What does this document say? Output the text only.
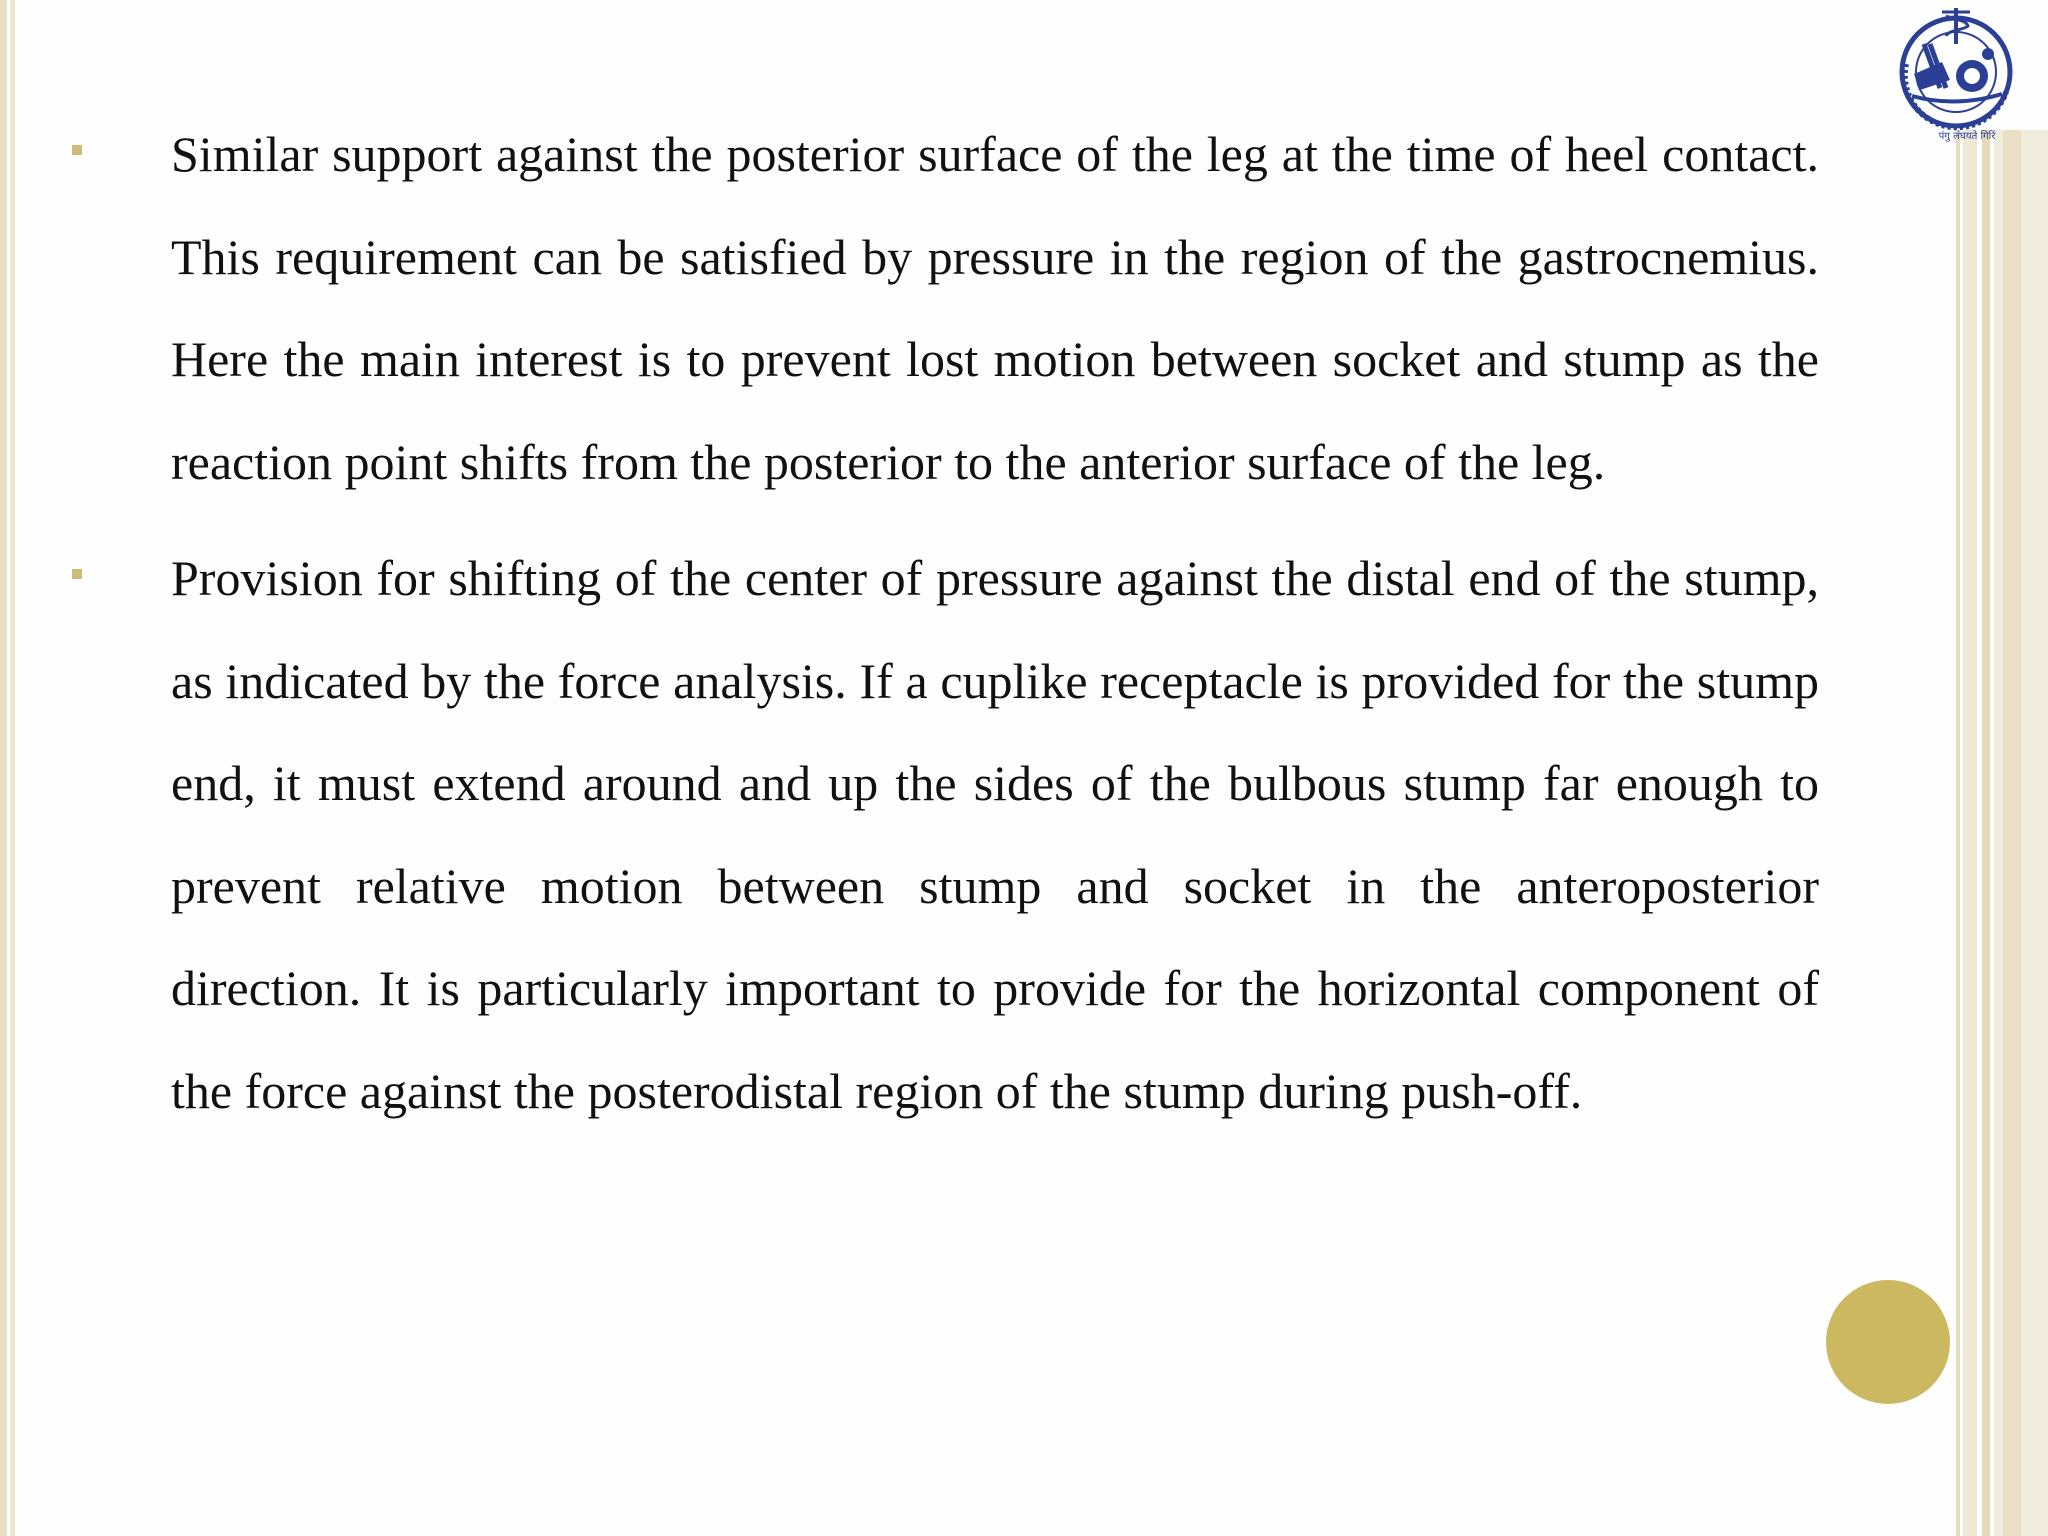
पंगु लंघयते गिरिं

Similar support against the posterior surface of the leg at the time of heel contact. This requirement can be satisfied by pressure in the region of the gastrocnemius. Here the main interest is to prevent lost motion between socket and stump as the reaction point shifts from the posterior to the anterior surface of the leg.

Provision for shifting of the center of pressure against the distal end of the stump, as indicated by the force analysis. If a cuplike receptacle is provided for the stump end, it must extend around and up the sides of the bulbous stump far enough to prevent relative motion between stump and socket in the anteroposterior direction. It is particularly important to provide for the horizontal component of the force against the posterodistal region of the stump during push-off.
